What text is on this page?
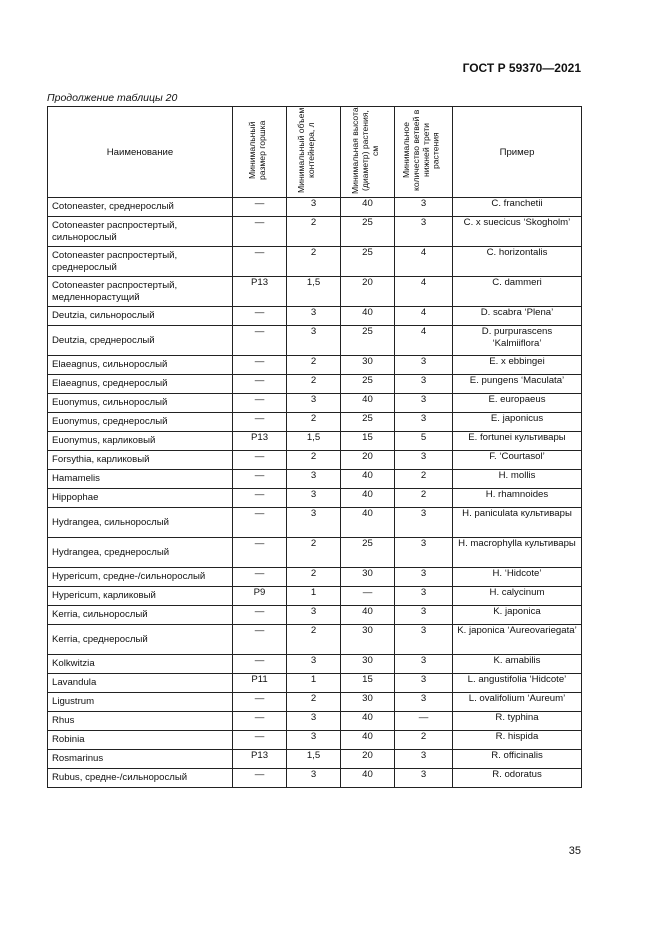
ГОСТ Р 59370—2021
Продолжение таблицы 20
Наименование	Минимальный размер горшка	Минимальный объем контейнера, л	Минимальная высота (диаметр) растения, см	Минимальное количество ветвей в нижней трети растения	Пример
Cotoneaster, среднерослый	—	3	40	3	C. franchetii
Cotoneaster распростертый, сильнорослый	—	2	25	3	C. x suecicus ‘Skogholm’
Cotoneaster распростертый, среднерослый	—	2	25	4	C. horizontalis
Cotoneaster распростертый, медленнорастущий	P13	1,5	20	4	C. dammeri
Deutzia, сильнорослый	—	3	40	4	D. scabra ‘Plena’
Deutzia, среднерослый	—	3	25	4	D. purpurascens ‘Kalmiiflora’
Elaeagnus, сильнорослый	—	2	30	3	E. x ebbingei
Elaeagnus, среднерослый	—	2	25	3	E. pungens ‘Maculata’
Euonymus, сильнорослый	—	3	40	3	E. europaeus
Euonymus, среднерослый	—	2	25	3	E. japonicus
Euonymus, карликовый	P13	1,5	15	5	E. fortunei культивары
Forsythia, карликовый	—	2	20	3	F. ‘Courtasol’
Hamamelis	—	3	40	2	H. mollis
Hippophae	—	3	40	2	H. rhamnoides
Hydrangea, сильнорослый	—	3	40	3	H. paniculata культивары
Hydrangea, среднерослый	—	2	25	3	H. macrophylla культивары
Hypericum, средне-/сильнорослый	—	2	30	3	H. ‘Hidcote’
Hypericum, карликовый	P9	1	—	3	H. calycinum
Kerria, сильнорослый	—	3	40	3	K. japonica
Kerria, среднерослый	—	2	30	3	K. japonica ‘Aureovariegata’
Kolkwitzia	—	3	30	3	K. amabilis
Lavandula	P11	1	15	3	L. angustifolia ‘Hidcote’
Ligustrum	—	2	30	3	L. ovalifolium ‘Aureum’
Rhus	—	3	40	—	R. typhina
Robinia	—	3	40	2	R. hispida
Rosmarinus	P13	1,5	20	3	R. officinalis
Rubus, средне-/сильнорослый	—	3	40	3	R. odoratus
35
